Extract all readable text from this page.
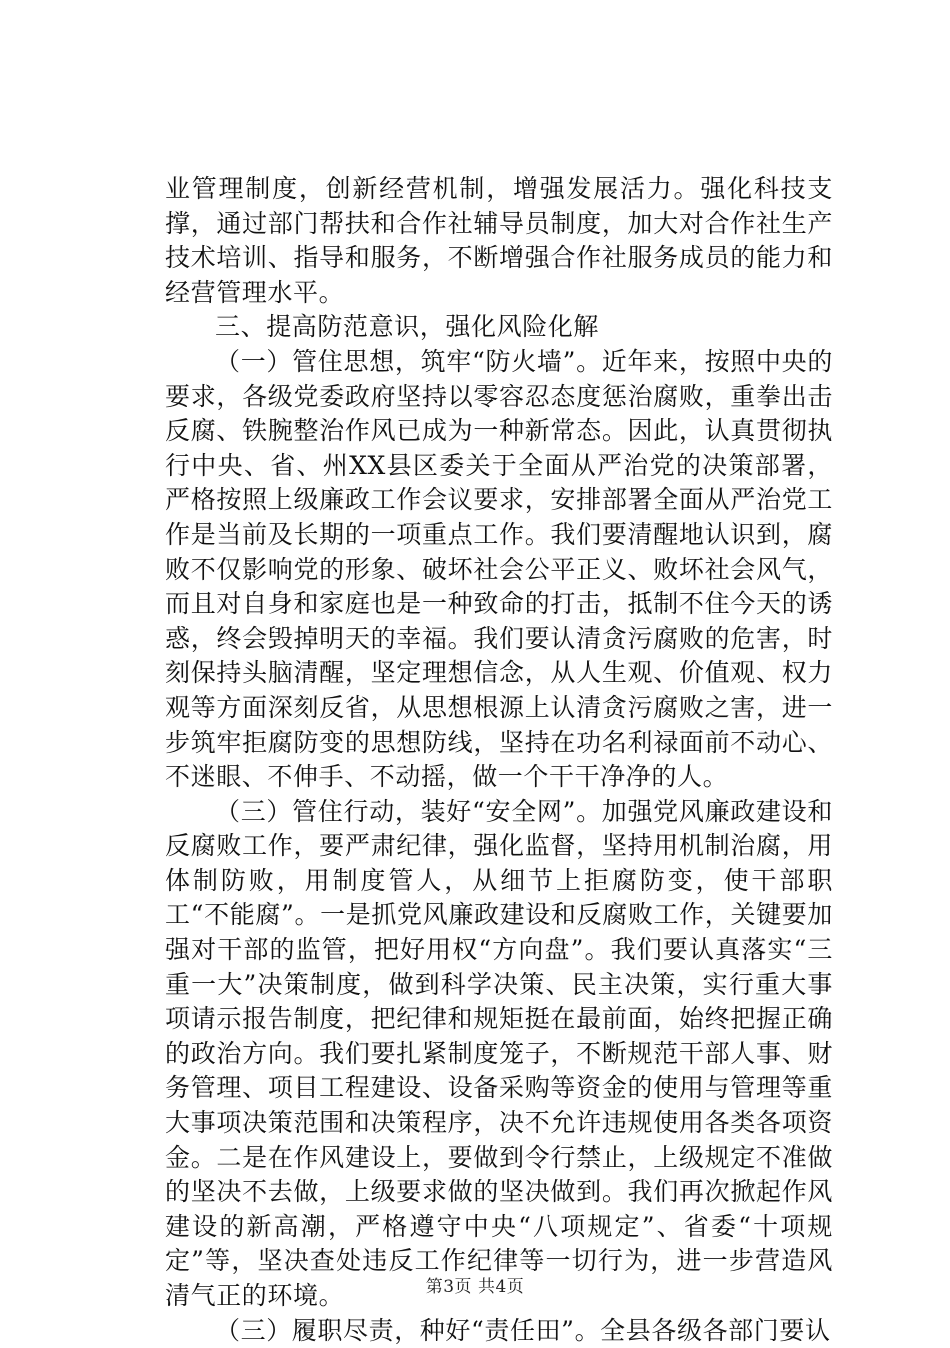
业管理制度，创新经营机制，增强发展活力。强化科技支撑，通过部门帮扶和合作社辅导员制度，加大对合作社生产技术培训、指导和服务，不断增强合作社服务成员的能力和经营管理水平。

三、提高防范意识，强化风险化解

（一）管住思想，筑牢“防火墙”。近年来，按照中央的要求，各级党委政府坚持以零容忍态度惩治腐败，重拳出击反腐、铁腕整治作风已成为一种新常态。因此，认真贯彻执行中央、省、州XX县区委关于全面从严治党的决策部署，严格按照上级廉政工作会议要求，安排部署全面从严治党工作是当前及长期的一项重点工作。我们要清醒地认识到，腐败不仅影响党的形象、破坏社会公平正义、败坏社会风气，而且对自身和家庭也是一种致命的打击，抵制不住今天的诱惑，终会毁掉明天的幸福。我们要认清贪污腐败的危害，时刻保持头脑清醒，坚定理想信念，从人生观、价值观、权力观等方面深刻反省，从思想根源上认清贪污腐败之害，进一步筑牢拒腐防变的思想防线，坚持在功名利禄面前不动心、不迷眼、不伸手、不动摇，做一个干干净净的人。

（三）管住行动，装好“安全网”。加强党风廉政建设和反腐败工作，要严肃纪律，强化监督，坚持用机制治腐，用体制防败，用制度管人，从细节上拒腐防变，使干部职工“不能腐”。一是抓党风廉政建设和反腐败工作，关键要加强对干部的监管，把好用权“方向盘”。我们要认真落实“三重一大”决策制度，做到科学决策、民主决策，实行重大事项请示报告制度，把纪律和规矩挺在最前面，始终把握正确的政治方向。我们要扎紧制度笼子，不断规范干部人事、财务管理、项目工程建设、设备采购等资金的使用与管理等重大事项决策范围和决策程序，决不允许违规使用各类各项资金。二是在作风建设上，要做到令行禁止，上级规定不准做的坚决不去做，上级要求做的坚决做到。我们再次掀起作风建设的新高潮，严格遵守中央“八项规定”、省委“十项规定”等，坚决查处违反工作纪律等一切行为，进一步营造风清气正的环境。

（三）履职尽责，种好“责任田”。全县各级各部门要认

第3页 共4页
